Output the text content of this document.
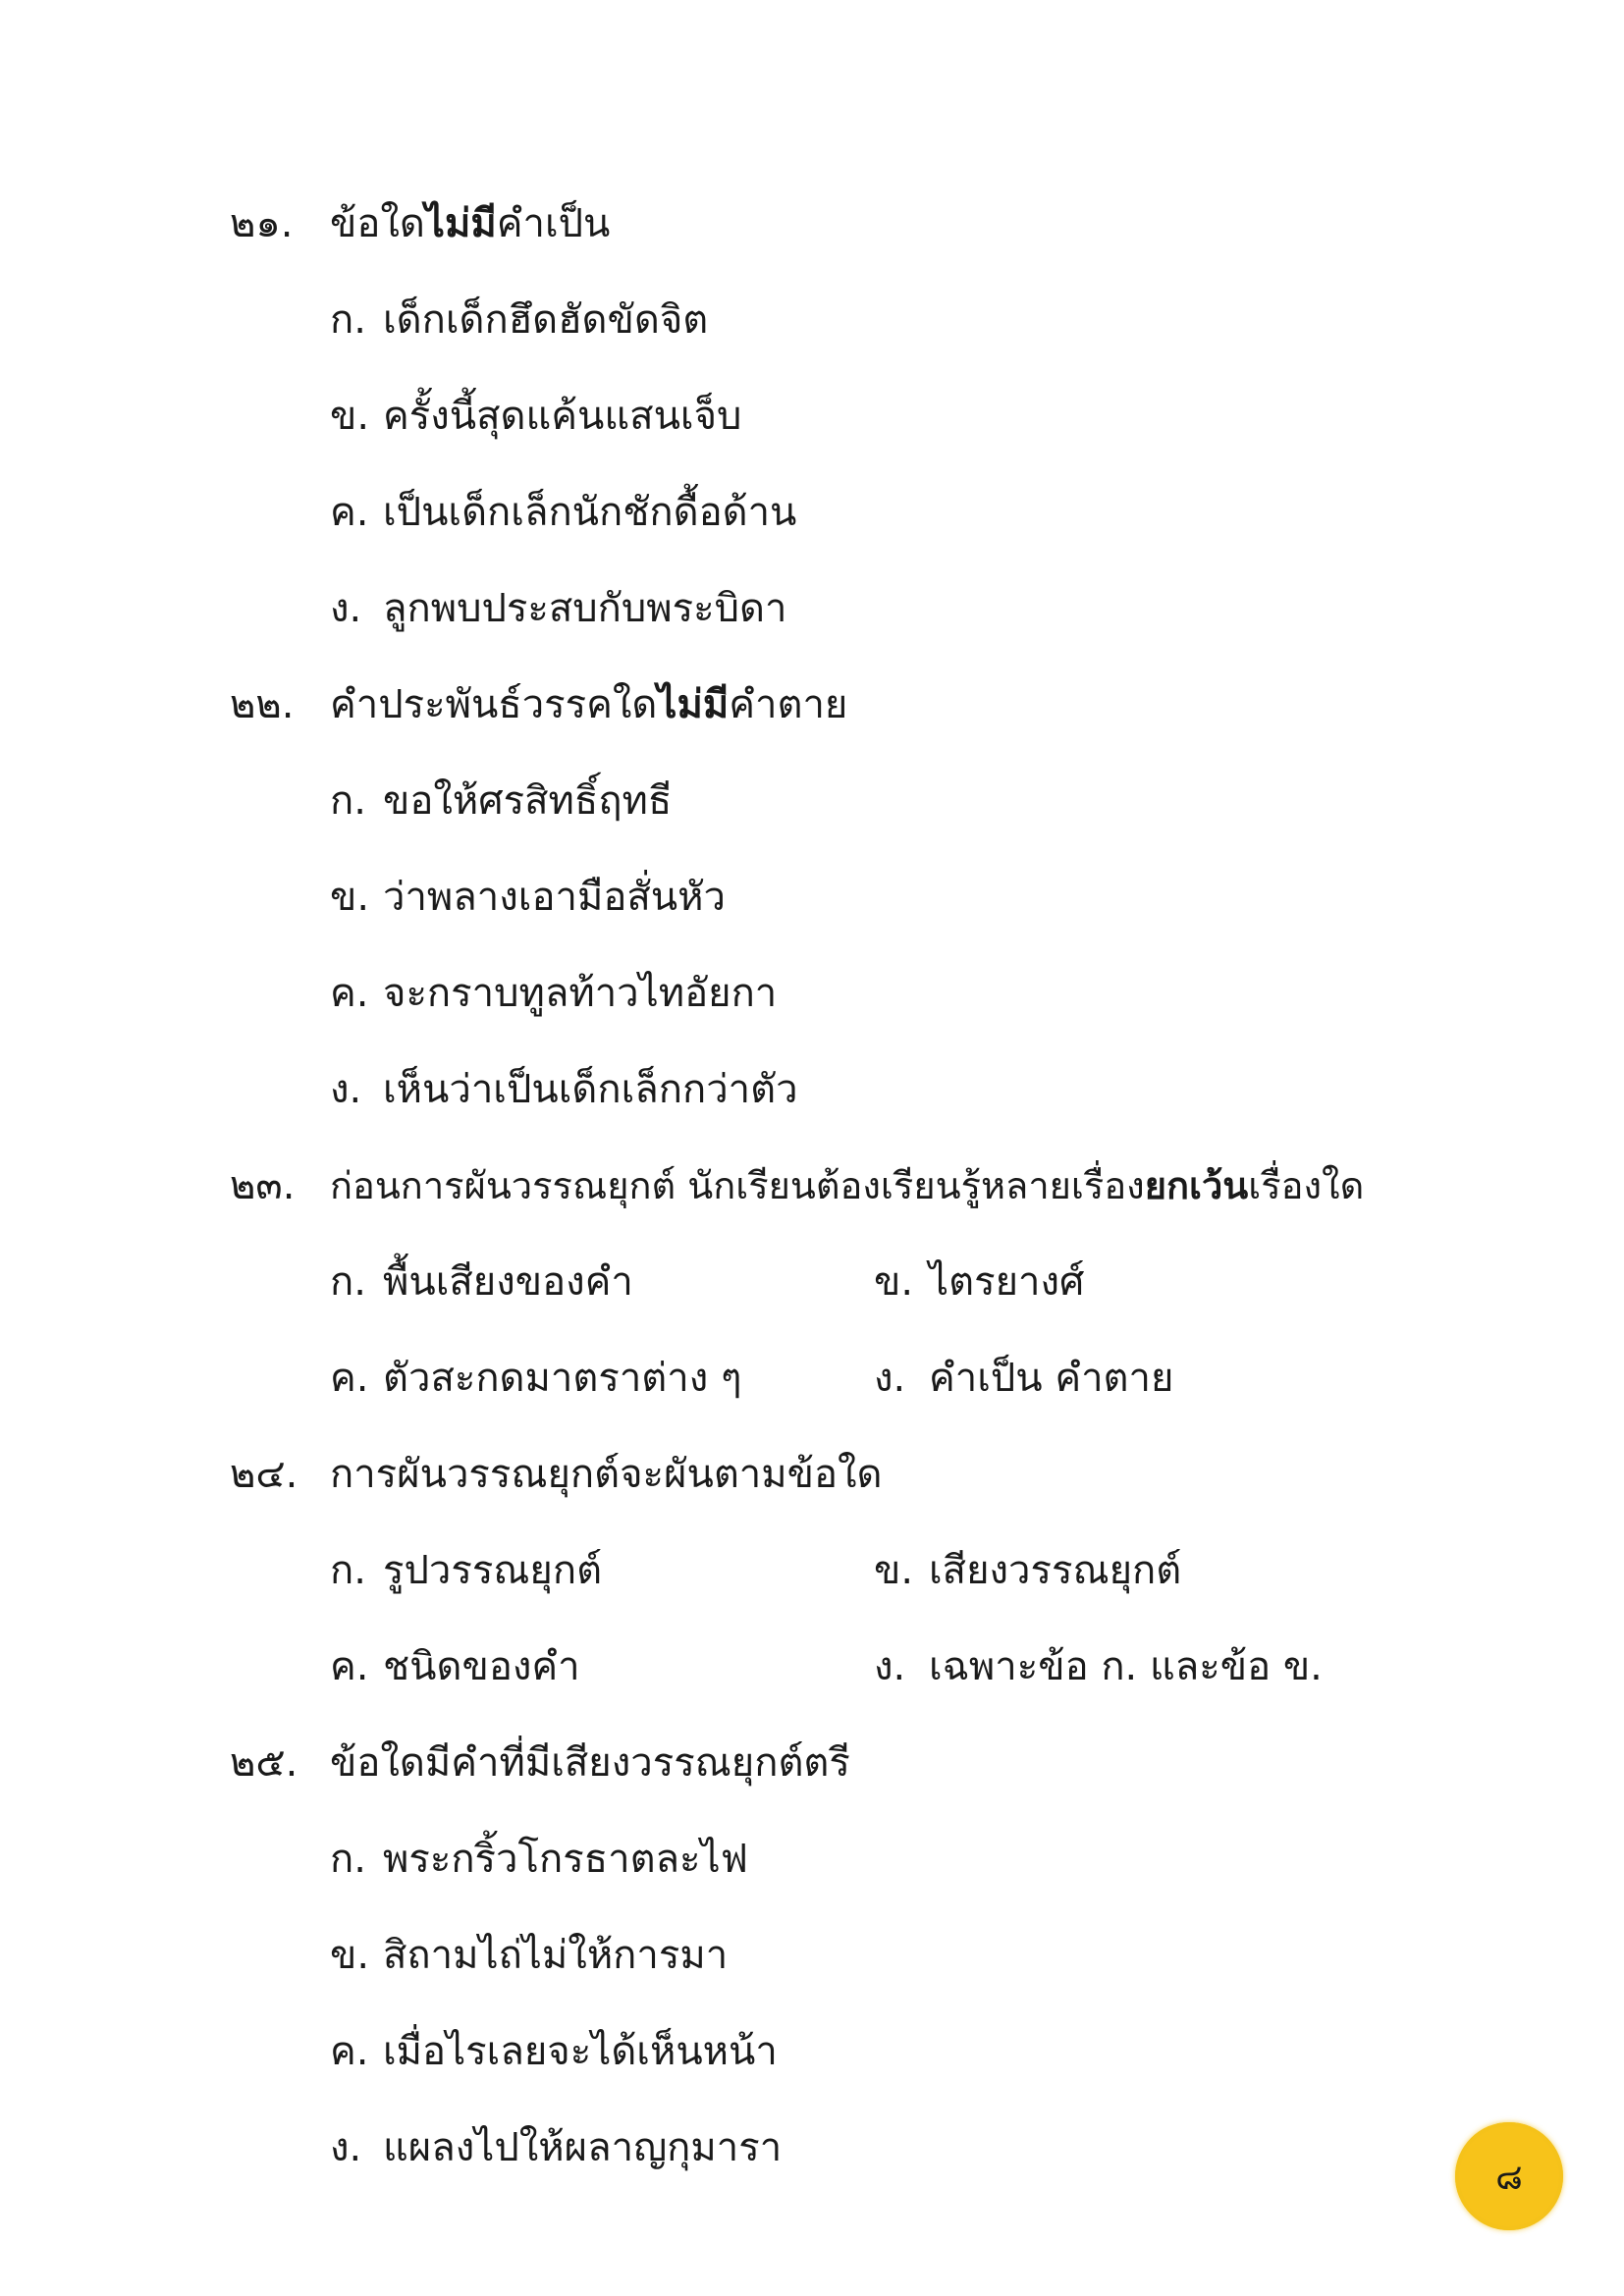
๒๑. ข้อใดไม่มีคำเป็น
ก. เด็กเด็กฮึดฮัดขัดจิต
ข. ครั้งนี้สุดแค้นแสนเจ็บ
ค. เป็นเด็กเล็กนักชักดื้อด้าน
ง. ลูกพบประสบกับพระบิดา
๒๒. คำประพันธ์วรรคใดไม่มีคำตาย
ก. ขอให้ศรสิทธิ์ฤทธี
ข. ว่าพลางเอามือสั่นหัว
ค. จะกราบทูลท้าวไทอัยกา
ง. เห็นว่าเป็นเด็กเล็กกว่าตัว
๒๓. ก่อนการผันวรรณยุกต์ นักเรียนต้องเรียนรู้หลายเรื่องยกเว้นเรื่องใด
ก. พื้นเสียงของคำ	ข. ไตรยางศ์
ค. ตัวสะกดมาตราต่าง ๆ	ง. คำเป็น คำตาย
๒๔. การผันวรรณยุกต์จะผันตามข้อใด
ก. รูปวรรณยุกต์	ข. เสียงวรรณยุกต์
ค. ชนิดของคำ	ง. เฉพาะข้อ ก. และข้อ ข.
๒๕. ข้อใดมีคำที่มีเสียงวรรณยุกต์ตรี
ก. พระกริ้วโกรธาตละไฟ
ข. สิถามไถ่ไม่ให้การมา
ค. เมื่อไรเลยจะได้เห็นหน้า
ง. แผลงไปให้ผลาญกุมารา
๘
